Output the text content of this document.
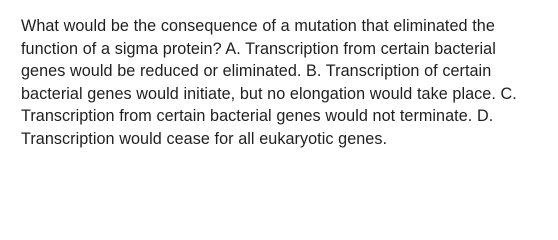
What would be the consequence of a mutation that eliminated the function of a sigma protein? A. Transcription from certain bacterial genes would be reduced or eliminated. B. Transcription of certain bacterial genes would initiate, but no elongation would take place. C. Transcription from certain bacterial genes would not terminate. D. Transcription would cease for all eukaryotic genes.
